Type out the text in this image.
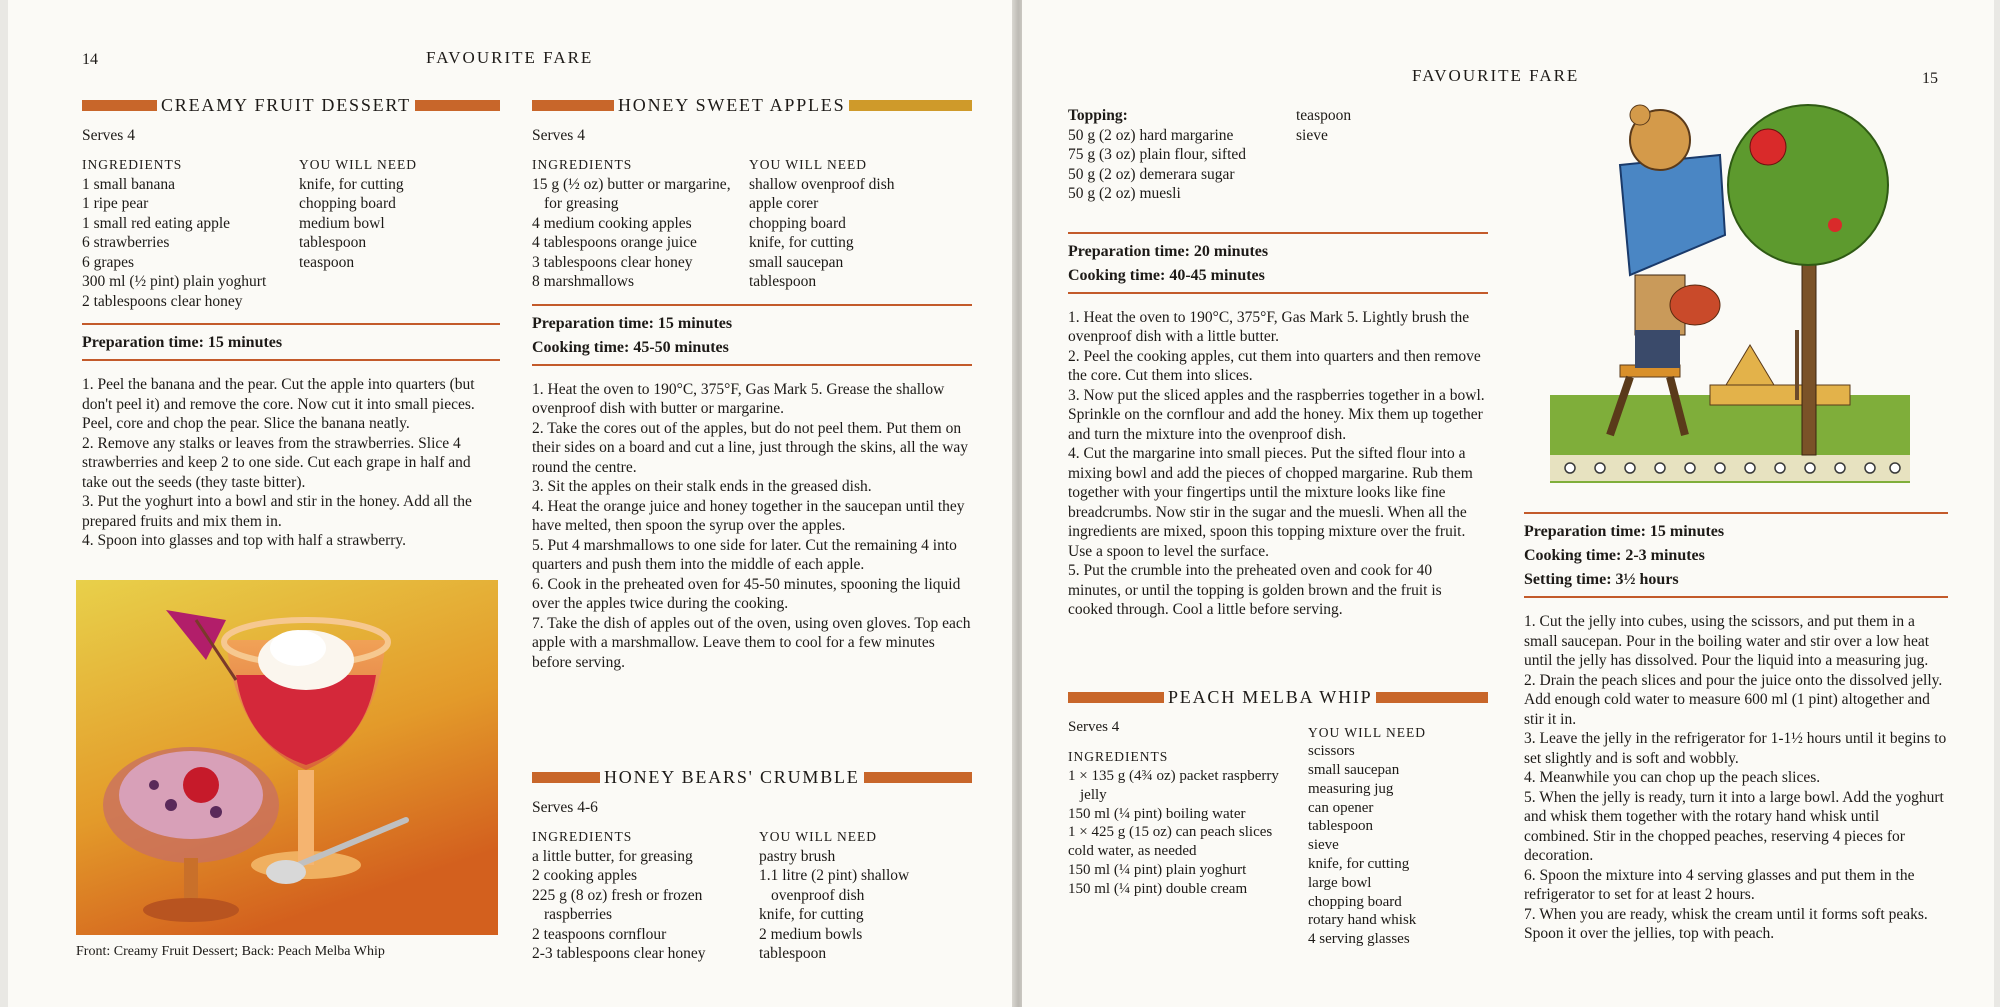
14	FAVOURITE FARE
CREAMY FRUIT DESSERT
Serves 4
INGREDIENTS
1 small banana
1 ripe pear
1 small red eating apple
6 strawberries
6 grapes
300 ml (½ pint) plain yoghurt
2 tablespoons clear honey
YOU WILL NEED
knife, for cutting
chopping board
medium bowl
tablespoon
teaspoon
Preparation time: 15 minutes
1. Peel the banana and the pear. Cut the apple into quarters (but don't peel it) and remove the core. Now cut it into small pieces. Peel, core and chop the pear. Slice the banana neatly.
2. Remove any stalks or leaves from the strawberries. Slice 4 strawberries and keep 2 to one side. Cut each grape in half and take out the seeds (they taste bitter).
3. Put the yoghurt into a bowl and stir in the honey. Add all the prepared fruits and mix them in.
4. Spoon into glasses and top with half a strawberry.
Front: Creamy Fruit Dessert; Back: Peach Melba Whip
HONEY SWEET APPLES
Serves 4
INGREDIENTS
15 g (½ oz) butter or margarine, for greasing
4 medium cooking apples
4 tablespoons orange juice
3 tablespoons clear honey
8 marshmallows
YOU WILL NEED
shallow ovenproof dish
apple corer
chopping board
knife, for cutting
small saucepan
tablespoon
Preparation time: 15 minutes
Cooking time: 45-50 minutes
1. Heat the oven to 190°C, 375°F, Gas Mark 5. Grease the shallow ovenproof dish with butter or margarine.
2. Take the cores out of the apples, but do not peel them. Put them on their sides on a board and cut a line, just through the skins, all the way round the centre.
3. Sit the apples on their stalk ends in the greased dish.
4. Heat the orange juice and honey together in the saucepan until they have melted, then spoon the syrup over the apples.
5. Put 4 marshmallows to one side for later. Cut the remaining 4 into quarters and push them into the middle of each apple.
6. Cook in the preheated oven for 45-50 minutes, spooning the liquid over the apples twice during the cooking.
7. Take the dish of apples out of the oven, using oven gloves. Top each apple with a marshmallow. Leave them to cool for a few minutes before serving.
HONEY BEARS' CRUMBLE
Serves 4-6
INGREDIENTS
a little butter, for greasing
2 cooking apples
225 g (8 oz) fresh or frozen raspberries
2 teaspoons cornflour
2-3 tablespoons clear honey
YOU WILL NEED
pastry brush
1.1 litre (2 pint) shallow ovenproof dish
knife, for cutting
2 medium bowls
tablespoon
FAVOURITE FARE	15
Topping:
50 g (2 oz) hard margarine
75 g (3 oz) plain flour, sifted
50 g (2 oz) demerara sugar
50 g (2 oz) muesli
teaspoon
sieve
Preparation time: 20 minutes
Cooking time: 40-45 minutes
1. Heat the oven to 190°C, 375°F, Gas Mark 5. Lightly brush the ovenproof dish with a little butter.
2. Peel the cooking apples, cut them into quarters and then remove the core. Cut them into slices.
3. Now put the sliced apples and the raspberries together in a bowl. Sprinkle on the cornflour and add the honey. Mix them up together and turn the mixture into the ovenproof dish.
4. Cut the margarine into small pieces. Put the sifted flour into a mixing bowl and add the pieces of chopped margarine. Rub them together with your fingertips until the mixture looks like fine breadcrumbs. Now stir in the sugar and the muesli. When all the ingredients are mixed, spoon this topping mixture over the fruit. Use a spoon to level the surface.
5. Put the crumble into the preheated oven and cook for 40 minutes, or until the topping is golden brown and the fruit is cooked through. Cool a little before serving.
PEACH MELBA WHIP
Serves 4
INGREDIENTS
1 × 135 g (4¾ oz) packet raspberry jelly
150 ml (¼ pint) boiling water
1 × 425 g (15 oz) can peach slices
cold water, as needed
150 ml (¼ pint) plain yoghurt
150 ml (¼ pint) double cream
YOU WILL NEED
scissors
small saucepan
measuring jug
can opener
tablespoon
sieve
knife, for cutting
large bowl
chopping board
rotary hand whisk
4 serving glasses
Preparation time: 15 minutes
Cooking time: 2-3 minutes
Setting time: 3½ hours
1. Cut the jelly into cubes, using the scissors, and put them in a small saucepan. Pour in the boiling water and stir over a low heat until the jelly has dissolved. Pour the liquid into a measuring jug.
2. Drain the peach slices and pour the juice onto the dissolved jelly. Add enough cold water to measure 600 ml (1 pint) altogether and stir it in.
3. Leave the jelly in the refrigerator for 1-1½ hours until it begins to set slightly and is soft and wobbly.
4. Meanwhile you can chop up the peach slices.
5. When the jelly is ready, turn it into a large bowl. Add the yoghurt and whisk them together with the rotary hand whisk until combined. Stir in the chopped peaches, reserving 4 pieces for decoration.
6. Spoon the mixture into 4 serving glasses and put them in the refrigerator to set for at least 2 hours.
7. When you are ready, whisk the cream until it forms soft peaks. Spoon it over the jellies, top with peach.
